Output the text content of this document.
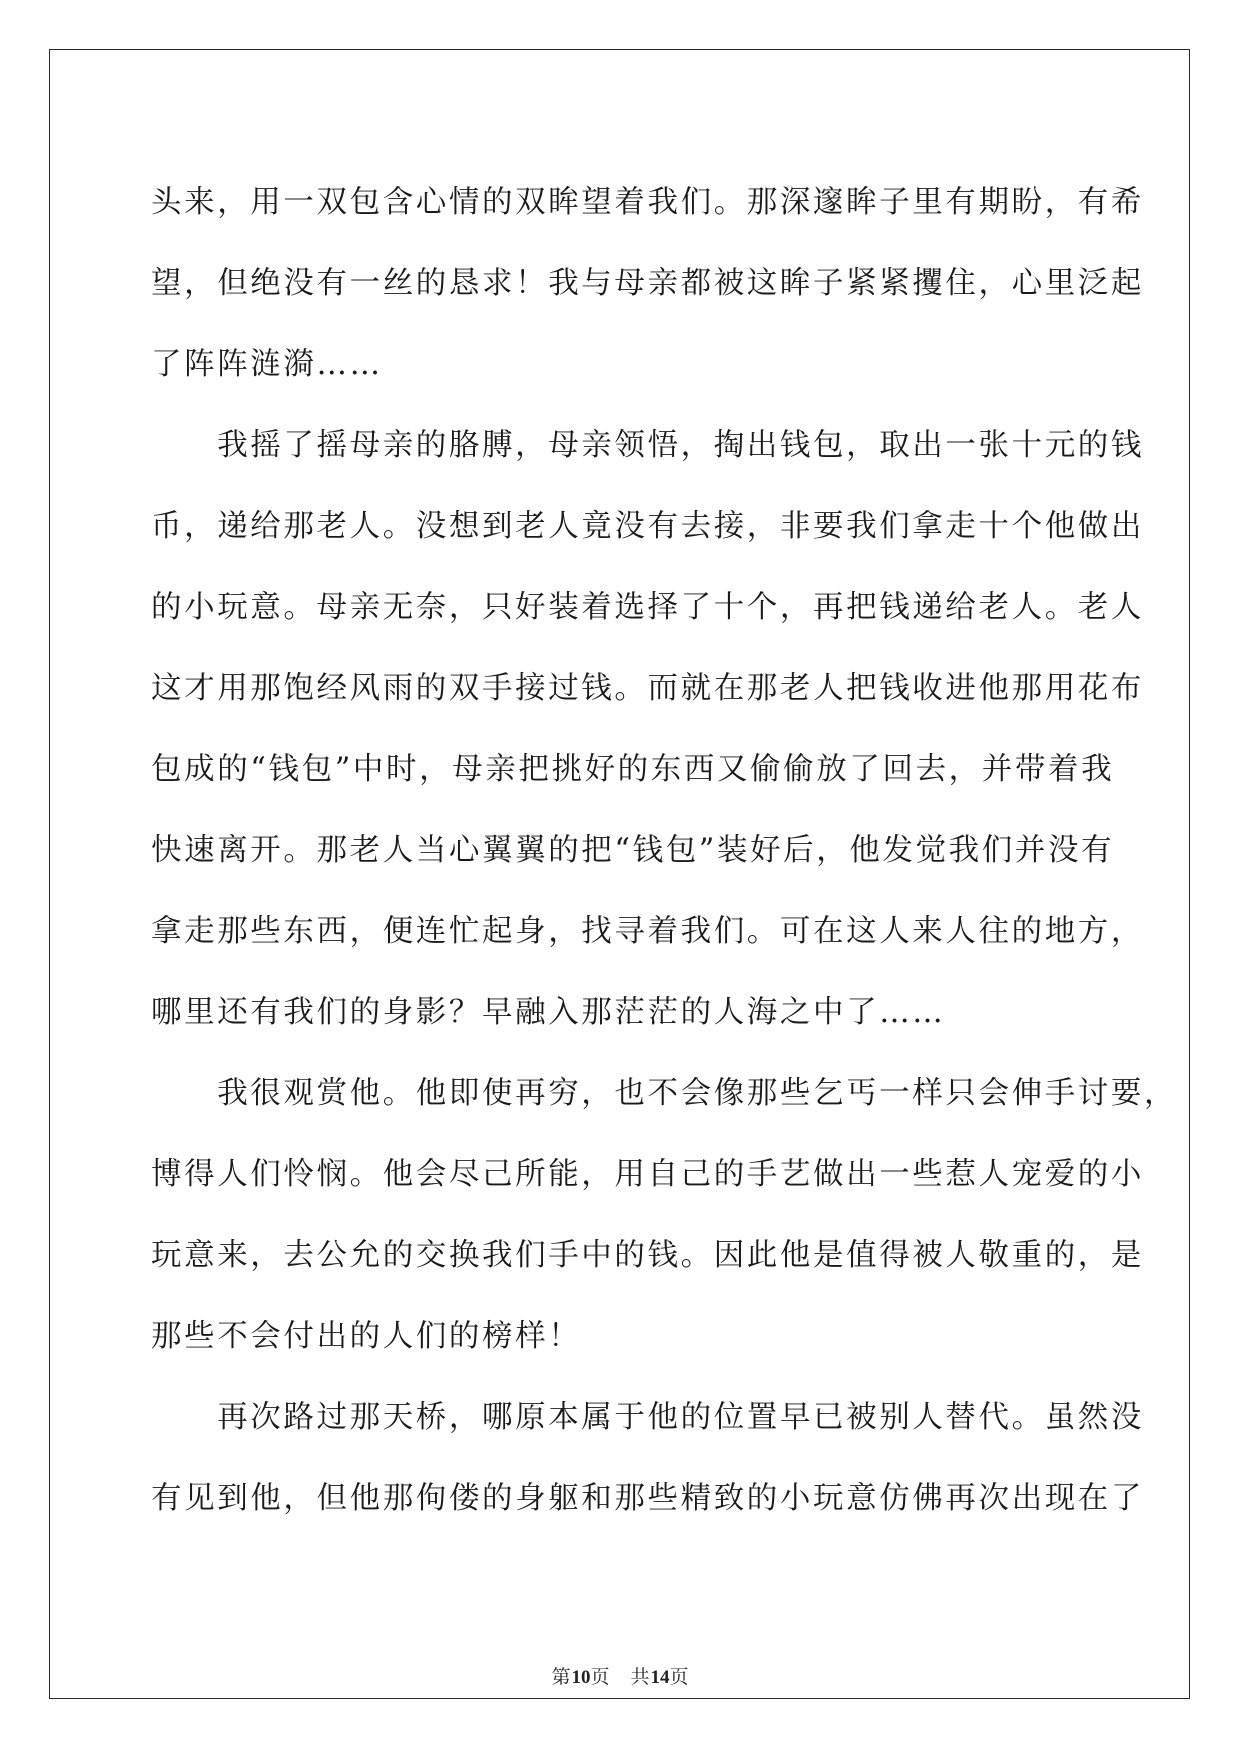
头来，用一双包含心情的双眸望着我们。那深邃眸子里有期盼，有希
望，但绝没有一丝的恳求！我与母亲都被这眸子紧紧攫住，心里泛起
了阵阵涟漪……
　　我摇了摇母亲的胳膊，母亲领悟，掏出钱包，取出一张十元的钱
币，递给那老人。没想到老人竟没有去接，非要我们拿走十个他做出
的小玩意。母亲无奈，只好装着选择了十个，再把钱递给老人。老人
这才用那饱经风雨的双手接过钱。而就在那老人把钱收进他那用花布
包成的“钱包”中时，母亲把挑好的东西又偷偷放了回去，并带着我
快速离开。那老人当心翼翼的把“钱包”装好后，他发觉我们并没有
拿走那些东西，便连忙起身，找寻着我们。可在这人来人往的地方，
哪里还有我们的身影？早融入那茫茫的人海之中了……
　　我很观赏他。他即使再穷，也不会像那些乞丐一样只会伸手讨要，
博得人们怜悯。他会尽己所能，用自己的手艺做出一些惹人宠爱的小
玩意来，去公允的交换我们手中的钱。因此他是值得被人敬重的，是
那些不会付出的人们的榜样！
　　再次路过那天桥，哪原本属于他的位置早已被别人替代。虽然没
有见到他，但他那佝偻的身躯和那些精致的小玩意仿佛再次出现在了
第10页　共14页
